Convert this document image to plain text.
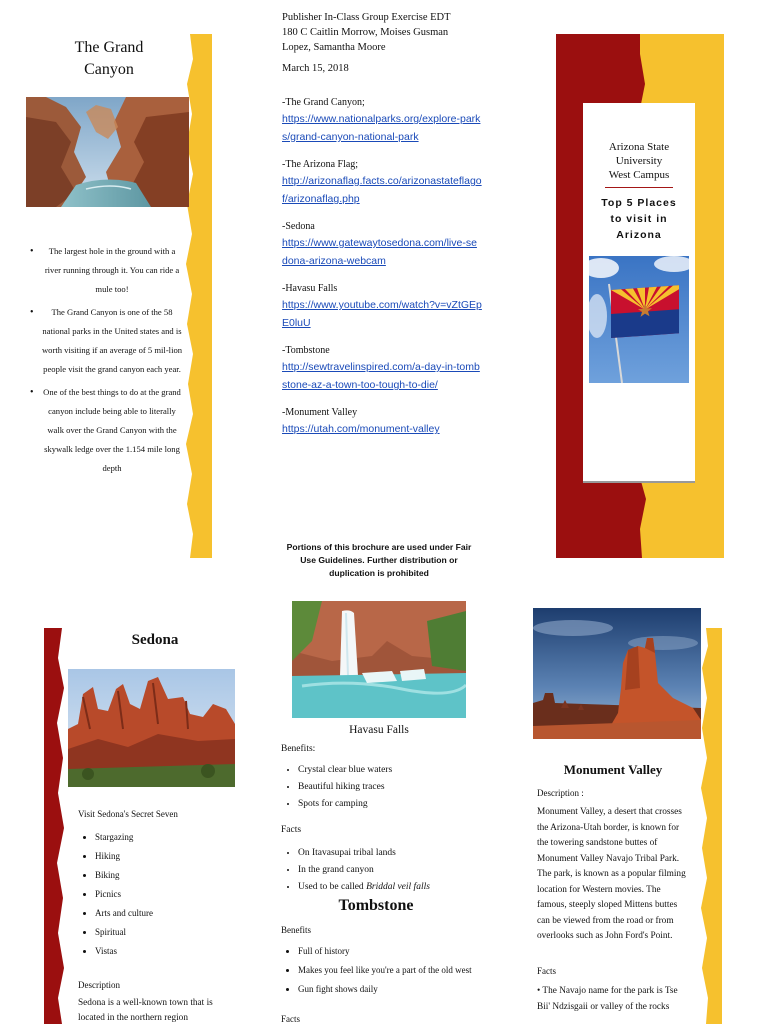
The Grand
Canyon
• The largest hole in the ground with a river running through it. You can ride a mule too!
• The Grand Canyon is one of the 58 national parks in the United states and is worth visiting if an average of 5 mil-lion people visit the grand canyon each year.
• One of the best things to do at the grand canyon include being able to literally walk over the Grand Canyon with the skywalk ledge over the 1.154 mile long depth
Publisher In-Class Group Exercise EDT
180 C Caitlin Morrow, Moises Gusman
Lopez, Samantha Moore
March 15, 2018
-The Grand Canyon;
https://www.nationalparks.org/explore-parks/grand-canyon-national-park
-The Arizona Flag;
http://arizonaflag.facts.co/arizonastateflagof/arizonaflag.php
-Sedona
https://www.gatewaytosedona.com/live-sedona-arizona-webcam
-Havasu Falls
https://www.youtube.com/watch?v=vZtGEpE0luU
-Tombstone
http://sewtravelinspired.com/a-day-in-tombstone-az-a-town-too-tough-to-die/
-Monument Valley
https://utah.com/monument-valley
Portions of this brochure are used under Fair Use Guidelines. Further distribution or duplication is prohibited
Arizona State
University
West Campus
Top 5 Places
to visit in
Arizona
Sedona
Visit Sedona's Secret Seven
• Stargazing
• Hiking
• Biking
• Picnics
• Arts and culture
• Spiritual
• Vistas
Description
Sedona is a well-known town that is located in the northern region
Havasu Falls
Benefits:
• Crystal clear blue waters
• Beautiful hiking traces
• Spots for camping
Facts
• On Itavasupai tribal lands
• In the grand canyon
• Used to be called Briddal veil falls
Tombstone
Benefits
• Full of history
• Makes you feel like you're a part of the old west
• Gun fight shows daily
Facts
Monument Valley
Description :
Monument Valley, a desert that crosses the Arizona-Utah border, is known for the towering sandstone buttes of Monument Valley Navajo Tribal Park. The park, is known as a popular filming location for Western movies. The famous, steeply sloped Mittens buttes can be viewed from the road or from overlooks such as John Ford's Point.
Facts
• The Navajo name for the park is Tse Bii' Ndzisgaii or valley of the rocks
